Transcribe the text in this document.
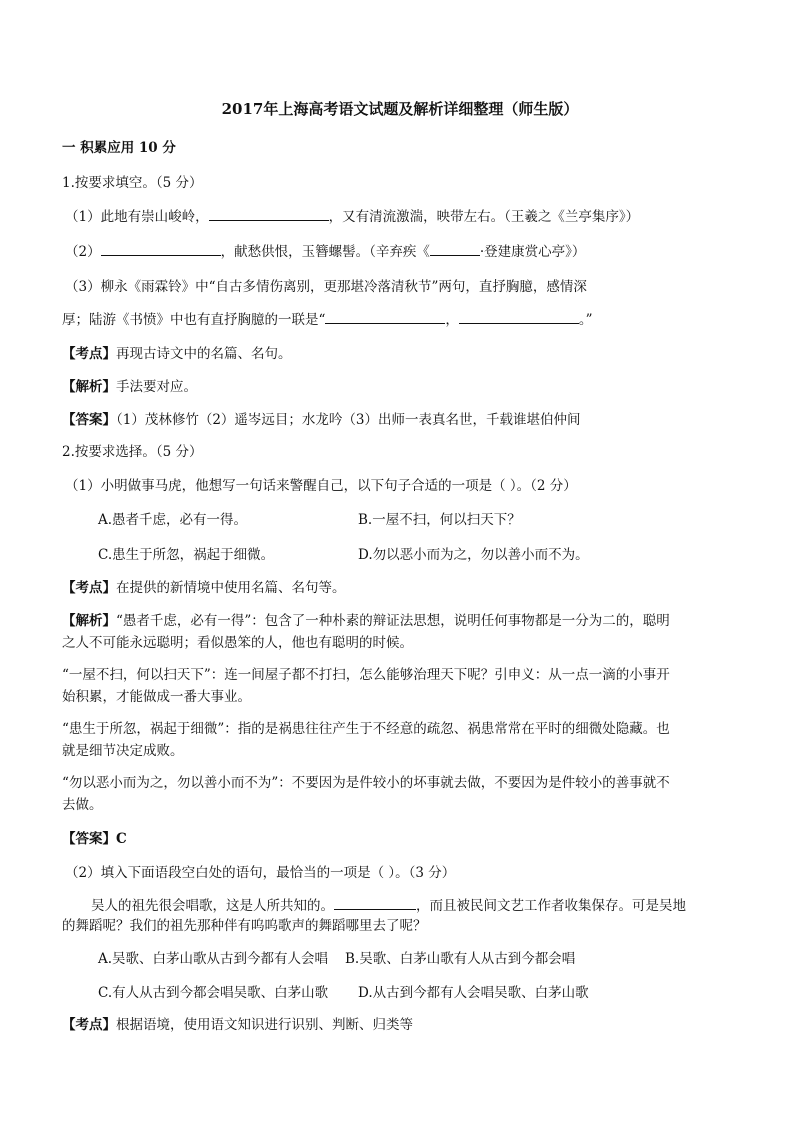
2017年上海高考语文试题及解析详细整理（师生版）
一 积累应用 10 分
1.按要求填空。（5 分）
（1）此地有崇山峻岭，	，又有清流激湍，映带左右。（王羲之《兰亭集序》）
（2）	，献愁供恨，玉簪螺髻。（辛弃疾《	·登建康赏心亭》）
（3）柳永《雨霖铃》中“自古多情伤离别，更那堪冷落清秋节”两句，直抒胸臆，感情深
厚；陆游《书愤》中也有直抒胸臆的一联是“	，	。”
【考点】再现古诗文中的名篇、名句。
【解析】手法要对应。
【答案】（1）茂林修竹（2）遥岑远目；水龙吟（3）出师一表真名世，千载谁堪伯仲间
2.按要求选择。（5 分）
（1）小明做事马虎，他想写一句话来警醒自己，以下句子合适的一项是（ ）。（2 分）
A.愚者千虑，必有一得。	B.一屋不扫，何以扫天下？
C.患生于所忽，祸起于细微。	D.勿以恶小而为之，勿以善小而不为。
【考点】在提供的新情境中使用名篇、名句等。
【解析】“愚者千虑，必有一得”：包含了一种朴素的辩证法思想，说明任何事物都是一分为二的，聪明
之人不可能永远聪明；看似愚笨的人，他也有聪明的时候。
“一屋不扫，何以扫天下”：连一间屋子都不打扫，怎么能够治理天下呢？引申义：从一点一滴的小事开
始积累，才能做成一番大事业。
“患生于所忽，祸起于细微”：指的是祸患往往产生于不经意的疏忽、祸患常常在平时的细微处隐藏。也
就是细节决定成败。
“勿以恶小而为之，勿以善小而不为”：不要因为是件较小的坏事就去做，不要因为是件较小的善事就不
去做。
【答案】C
（2）填入下面语段空白处的语句，最恰当的一项是（ ）。（3 分）
吴人的祖先很会唱歌，这是人所共知的。	，而且被民间文艺工作者收集保存。可是吴地
的舞蹈呢？我们的祖先那种伴有呜呜歌声的舞蹈哪里去了呢？
A.吴歌、白茅山歌从古到今都有人会唱 B.吴歌、白茅山歌有人从古到今都会唱
C.有人从古到今都会唱吴歌、白茅山歌 D.从古到今都有人会唱吴歌、白茅山歌
【考点】根据语境，使用语文知识进行识别、判断、归类等
